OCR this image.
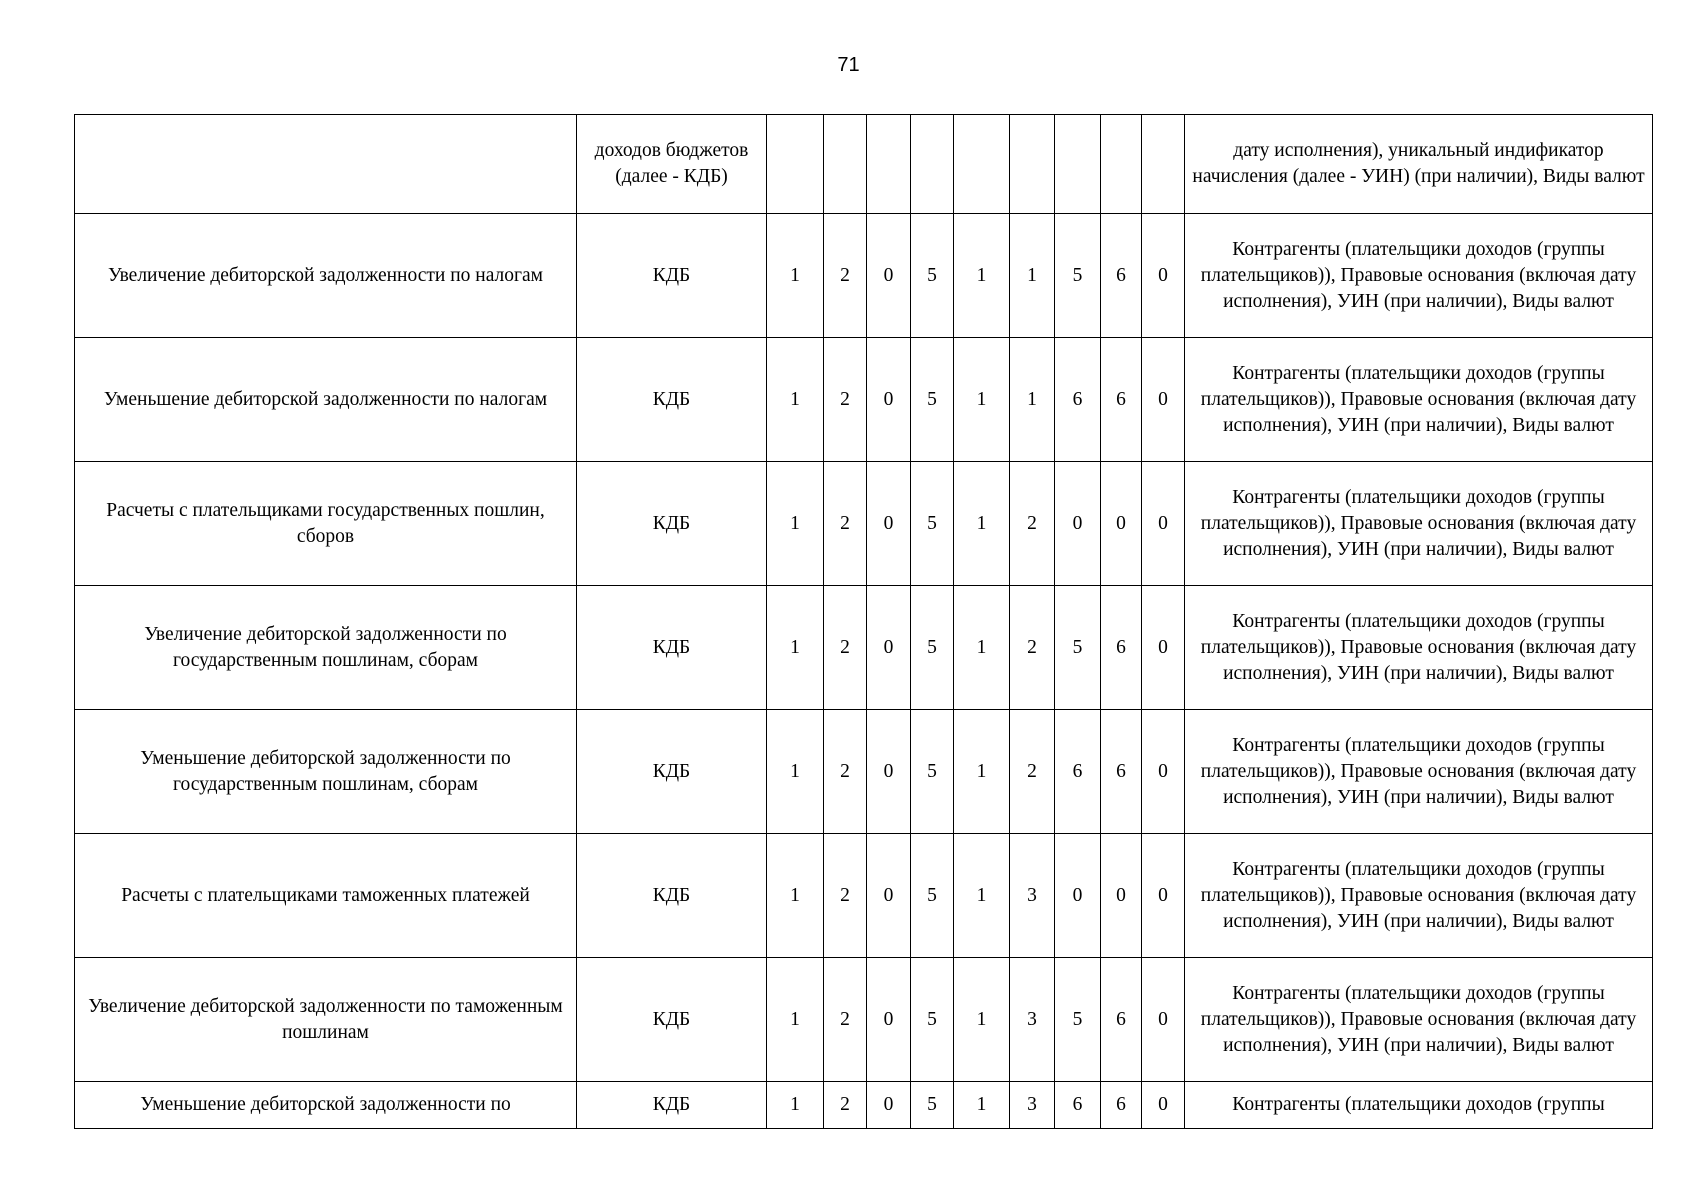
71
	доходов бюджетов (далее - КДБ)										дату исполнения), уникальный индификатор начисления (далее - УИН) (при наличии), Виды валют
Увеличение дебиторской задолженности по налогам	КДБ	1	2	0	5	1	1	5	6	0	Контрагенты (плательщики доходов (группы плательщиков)), Правовые основания (включая дату исполнения), УИН (при наличии), Виды валют
Уменьшение дебиторской задолженности по налогам	КДБ	1	2	0	5	1	1	6	6	0	Контрагенты (плательщики доходов (группы плательщиков)), Правовые основания (включая дату исполнения), УИН (при наличии), Виды валют
Расчеты с плательщиками государственных пошлин, сборов	КДБ	1	2	0	5	1	2	0	0	0	Контрагенты (плательщики доходов (группы плательщиков)), Правовые основания (включая дату исполнения), УИН (при наличии), Виды валют
Увеличение дебиторской задолженности по государственным пошлинам, сборам	КДБ	1	2	0	5	1	2	5	6	0	Контрагенты (плательщики доходов (группы плательщиков)), Правовые основания (включая дату исполнения), УИН (при наличии), Виды валют
Уменьшение дебиторской задолженности по государственным пошлинам, сборам	КДБ	1	2	0	5	1	2	6	6	0	Контрагенты (плательщики доходов (группы плательщиков)), Правовые основания (включая дату исполнения), УИН (при наличии), Виды валют
Расчеты с плательщиками таможенных платежей	КДБ	1	2	0	5	1	3	0	0	0	Контрагенты (плательщики доходов (группы плательщиков)), Правовые основания (включая дату исполнения), УИН (при наличии), Виды валют
Увеличение дебиторской задолженности по таможенным пошлинам	КДБ	1	2	0	5	1	3	5	6	0	Контрагенты (плательщики доходов (группы плательщиков)), Правовые основания (включая дату исполнения), УИН (при наличии), Виды валют
Уменьшение дебиторской задолженности по	КДБ	1	2	0	5	1	3	6	6	0	Контрагенты (плательщики доходов (группы
